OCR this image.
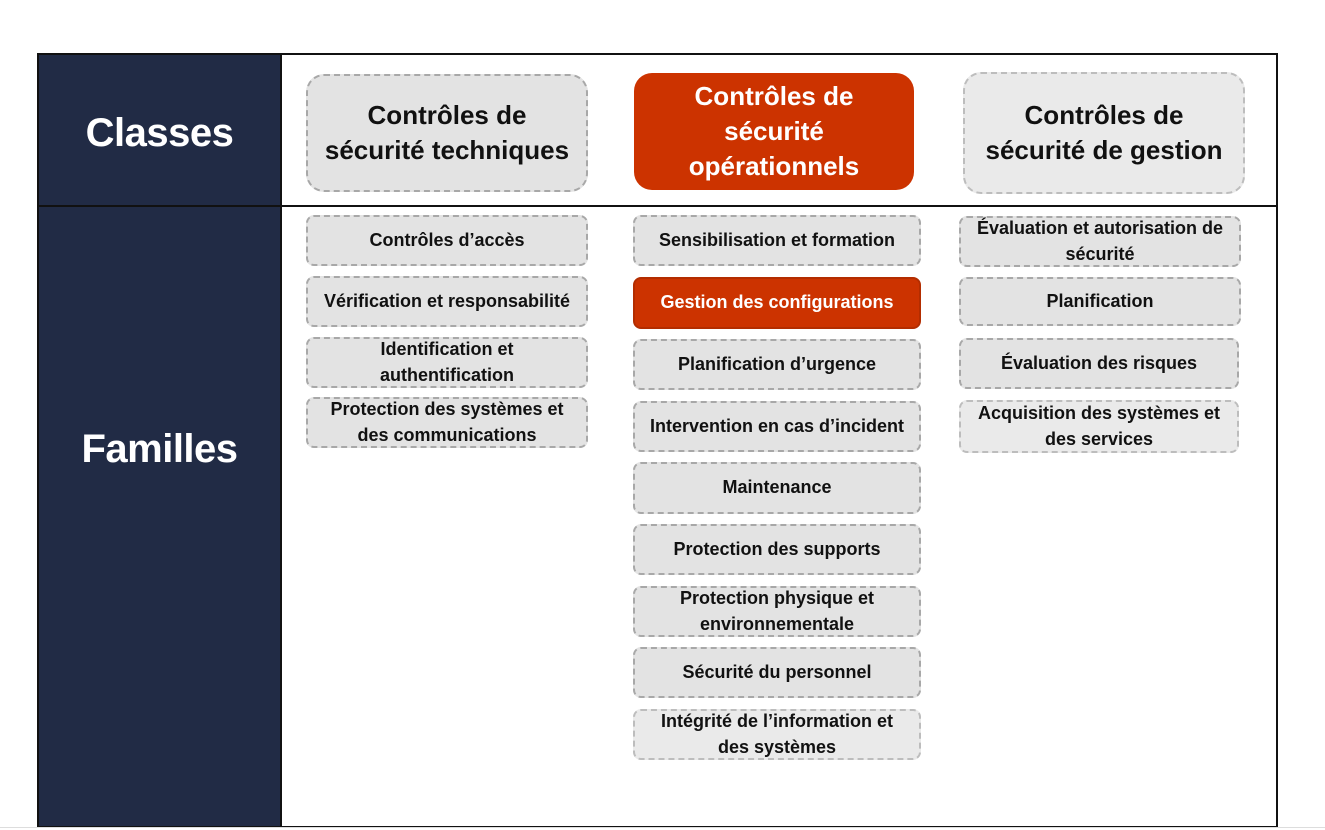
Classes
Familles
Contrôles de sécurité techniques
Contrôles de sécurité opérationnels
Contrôles de sécurité de gestion
Contrôles d’accès
Vérification et responsabilité
Identification et authentification
Protection des systèmes et des communications
Sensibilisation et formation
Gestion des configurations
Planification d’urgence
Intervention en cas d’incident
Maintenance
Protection des supports
Protection physique et environnementale
Sécurité du personnel
Intégrité de l’information et des systèmes
Évaluation et autorisation de sécurité
Planification
Évaluation des risques
Acquisition des systèmes et des services
